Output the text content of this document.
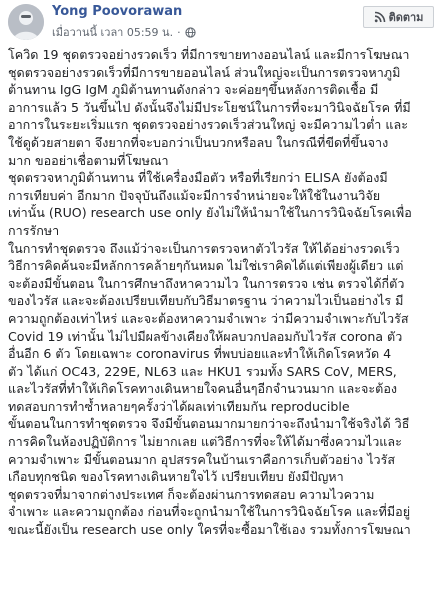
Yong Poovorawan
เมื่อวานนี้ เวลา 05:59 น. ·
ติดตาม
โควิด 19 ชุดตรวจอย่างรวดเร็ว ที่มีการขายทางออนไลน์ และมีการโฆษณา
ชุดตรวจอย่างรวดเร็วที่มีการขายออนไลน์ ส่วนใหญ่จะเป็นการตรวจหาภูมิ
ต้านทาน IgG IgM ภูมิต้านทานดังกล่าว จะค่อยๆขึ้นหลังการติดเชื้อ มี
อาการแล้ว 5 วันขึ้นไป ดังนั้นจึงไม่มีประโยชน์ในการที่จะมาวินิจฉัยโรค ที่มี
อาการในระยะเริ่มแรก ชุดตรวจอย่างรวดเร็วส่วนใหญ่ จะมีความไวต่ำ และ
ใช้ดูด้วยสายตา จึงยากที่จะบอกว่าเป็นบวกหรือลบ ในกรณีที่ขีดที่ขึ้นจาง
มาก ขออย่าเชื่อตามที่โฆษณา
ชุดตรวจหาภูมิต้านทาน ที่ใช้เครื่องมือตัว หรือที่เรียกว่า ELISA ยังต้องมี
การเทียบค่า อีกมาก ปัจจุบันถึงแม้จะมีการจำหน่ายจะให้ใช้ในงานวิจัย
เท่านั้น (RUO) research use only ยังไม่ให้นำมาใช้ในการวินิจฉัยโรคเพื่อ
การรักษา
ในการทำชุดตรวจ ถึงแม้ว่าจะเป็นการตรวจหาตัวไวรัส ให้ได้อย่างรวดเร็ว
วิธีการคิดค้นจะมีหลักการคล้ายๆกันหมด ไม่ใช่เราคิดได้แต่เพียงผู้เดียว แต่
จะต้องมีขั้นตอน ในการศึกษาถึงหาความไว ในการตรวจ เช่น ตรวจได้กี่ตัว
ของไวรัส และจะต้องเปรียบเทียบกับวิธีมาตรฐาน ว่าความไวเป็นอย่างไร มี
ความถูกต้องเท่าไหร่ และจะต้องหาความจำเพาะ ว่ามีความจำเพาะกับไวรัส
Covid 19 เท่านั้น ไม่ไปมีผลข้างเคียงให้ผลบวกปลอมกับไวรัส corona ตัว
อื่นอีก 6 ตัว โดยเฉพาะ coronavirus ที่พบบ่อยและทำให้เกิดโรคหวัด 4
ตัว ได้แก่ OC43, 229E, NL63 และ HKU1 รวมทั้ง SARS CoV, MERS,
และไวรัสที่ทำให้เกิดโรคทางเดินหายใจคนอื่นๆอีกจำนวนมาก และจะต้อง
ทดสอบการทำซ้ำหลายๆครั้งว่าได้ผลเท่าเทียมกัน reproducible
ขั้นตอนในการทำชุดตรวจ จึงมีขั้นตอนมากมายกว่าจะถึงนำมาใช้จริงได้ วิธี
การคิดในห้องปฏิบัติการ ไม่ยากเลย แต่วิธีการที่จะให้ได้มาซึ่งความไวและ
ความจำเพาะ มีขั้นตอนมาก อุปสรรคในบ้านเราคือการเก็บตัวอย่าง ไวรัส
เกือบทุกชนิด ของโรคทางเดินหายใจไว้ เปรียบเทียบ ยังมีปัญหา
ชุดตรวจที่มาจากต่างประเทศ ก็จะต้องผ่านการทดสอบ ความไวความ
จำเพาะ และความถูกต้อง ก่อนที่จะถูกนำมาใช้ในการวินิจฉัยโรค และที่มีอยู่
ขณะนี้ยังเป็น research use only ใครที่จะซื้อมาใช้เอง รวมทั้งการโฆษณา
